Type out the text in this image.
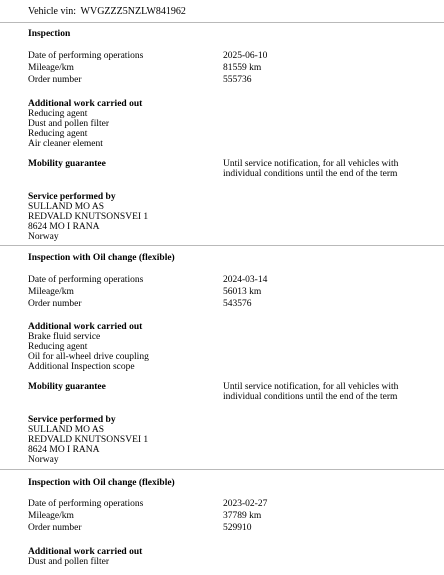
Vehicle vin: WVGZZZ5NZLW841962
Inspection
Date of performing operations	2025-06-10
Mileage/km	81559 km
Order number	555736
Additional work carried out
Reducing agent
Dust and pollen filter
Reducing agent
Air cleaner element
Mobility guarantee	Until service notification, for all vehicles with individual conditions until the end of the term
Service performed by
SULLAND MO AS
REDVALD KNUTSONSVEI 1
8624 MO I RANA
Norway
Inspection with Oil change (flexible)
Date of performing operations	2024-03-14
Mileage/km	56013 km
Order number	543576
Additional work carried out
Brake fluid service
Reducing agent
Oil for all-wheel drive coupling
Additional Inspection scope
Mobility guarantee	Until service notification, for all vehicles with individual conditions until the end of the term
Service performed by
SULLAND MO AS
REDVALD KNUTSONSVEI 1
8624 MO I RANA
Norway
Inspection with Oil change (flexible)
Date of performing operations	2023-02-27
Mileage/km	37789 km
Order number	529910
Additional work carried out
Dust and pollen filter
